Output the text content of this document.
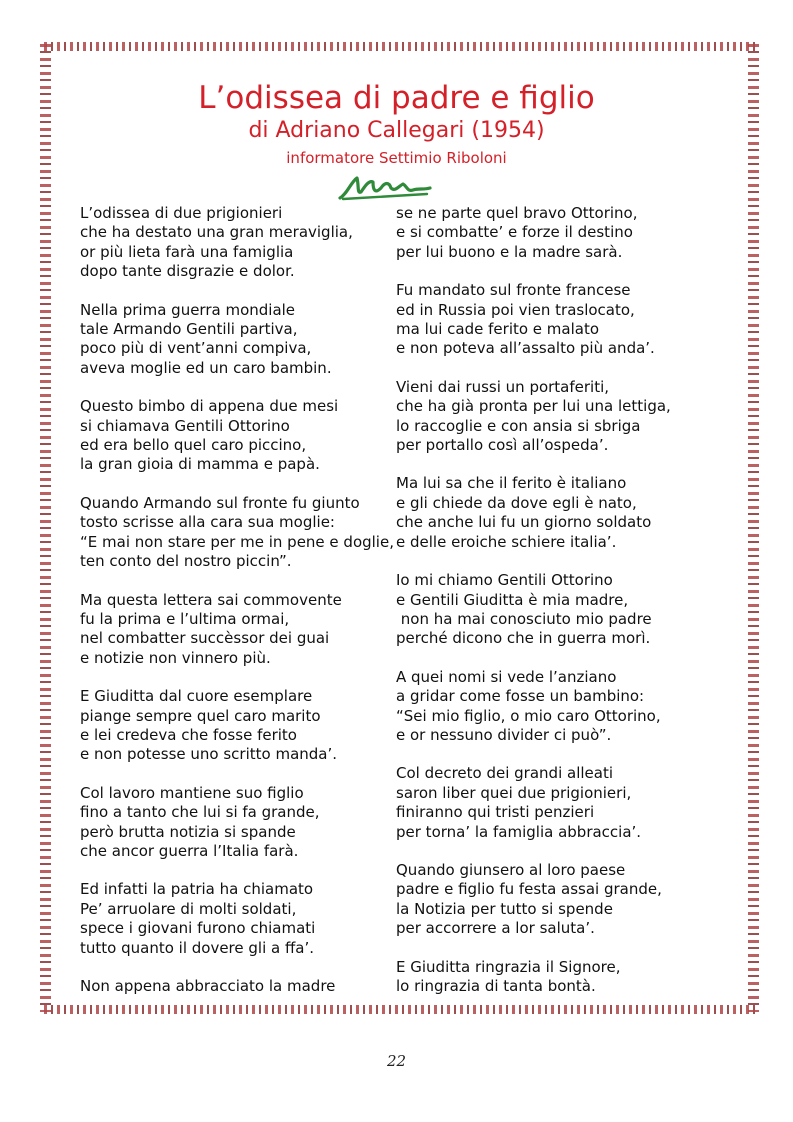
L’odissea di padre e figlio
di Adriano Callegari (1954)
informatore Settimio Riboloni
L’odissea di due prigionieri
che ha destato una gran meraviglia,
or più lieta farà una famiglia
dopo tante disgrazie e dolor.
Nella prima guerra mondiale
tale Armando Gentili partiva,
poco più di vent’anni compiva,
aveva moglie ed un caro bambin.
Questo bimbo di appena due mesi
si chiamava Gentili Ottorino
ed era bello quel caro piccino,
la gran gioia di mamma e papà.
Quando Armando sul fronte fu giunto
tosto scrisse alla cara sua moglie:
“E mai non stare per me in pene e doglie,
ten conto del nostro piccin”.
Ma questa lettera sai commovente
fu la prima e l’ultima ormai,
nel combatter succèssor dei guai
e notizie non vinnero più.
E Giuditta dal cuore esemplare
piange sempre quel caro marito
e lei credeva che fosse ferito
e non potesse uno scritto manda’.
Col lavoro mantiene suo figlio
fino a tanto che lui si fa grande,
però brutta notizia si spande
che ancor guerra l’Italia farà.
Ed infatti la patria ha chiamato
Pe’ arruolare di molti soldati,
spece i giovani furono chiamati
tutto quanto il dovere gli a ffa’.
Non appena abbracciato la madre
se ne parte quel bravo Ottorino,
e si combatte’ e forze il destino
per lui buono e la madre sarà.
Fu mandato sul fronte francese
ed in Russia poi vien traslocato,
ma lui cade ferito e malato
e non poteva all’assalto più anda’.
Vieni dai russi un portaferiti,
che ha già pronta per lui una lettiga,
lo raccoglie e con ansia si sbriga
per portallo così all’ospeda’.
Ma lui sa che il ferito è italiano
e gli chiede da dove egli è nato,
che anche lui fu un giorno soldato
e delle eroiche schiere italia’.
Io mi chiamo Gentili Ottorino
e Gentili Giuditta è mia madre,
non ha mai conosciuto mio padre
perché dicono che in guerra morì.
A quei nomi si vede l’anziano
a gridar come fosse un bambino:
“Sei mio figlio, o mio caro Ottorino,
e or nessuno divider ci può”.
Col decreto dei grandi alleati
saron liber quei due prigionieri,
finiranno qui tristi penzieri
per torna’ la famiglia abbraccia’.
Quando giunsero al loro paese
padre e figlio fu festa assai grande,
la Notizia per tutto si spende
per accorrere a lor saluta’.
E Giuditta ringrazia il Signore,
lo ringrazia di tanta bontà.
22
